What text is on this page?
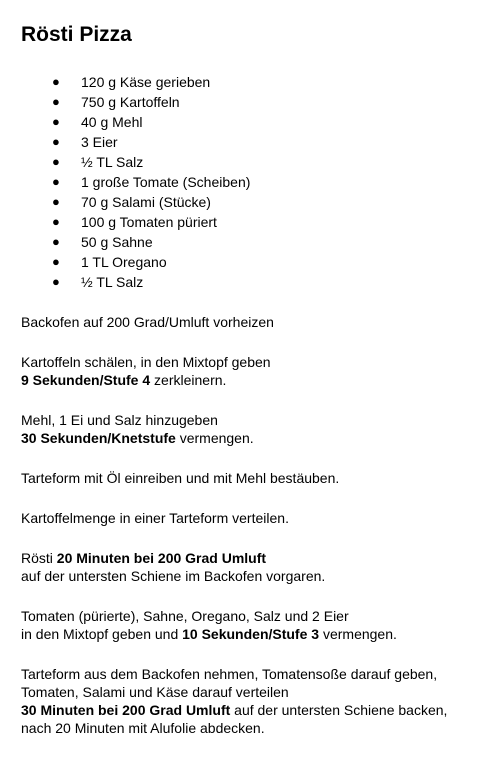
Rösti Pizza
● 120 g Käse gerieben
● 750 g Kartoffeln
● 40 g Mehl
● 3 Eier
● ½ TL Salz
● 1 große Tomate (Scheiben)
● 70 g Salami (Stücke)
● 100 g Tomaten püriert
● 50 g Sahne
● 1 TL Oregano
● ½ TL Salz

Backofen auf 200 Grad/Umluft vorheizen

Kartoffeln schälen, in den Mixtopf geben
9 Sekunden/Stufe 4 zerkleinern.

Mehl, 1 Ei und Salz hinzugeben
30 Sekunden/Knetstufe vermengen.

Tarteform mit Öl einreiben und mit Mehl bestäuben.

Kartoffelmenge in einer Tarteform verteilen.

Rösti 20 Minuten bei 200 Grad Umluft
auf der untersten Schiene im Backofen vorgaren.

Tomaten (pürierte), Sahne, Oregano, Salz und 2 Eier
in den Mixtopf geben und 10 Sekunden/Stufe 3 vermengen.

Tarteform aus dem Backofen nehmen, Tomatensoße darauf geben,
Tomaten, Salami und Käse darauf verteilen
30 Minuten bei 200 Grad Umluft auf der untersten Schiene backen,
nach 20 Minuten mit Alufolie abdecken.
